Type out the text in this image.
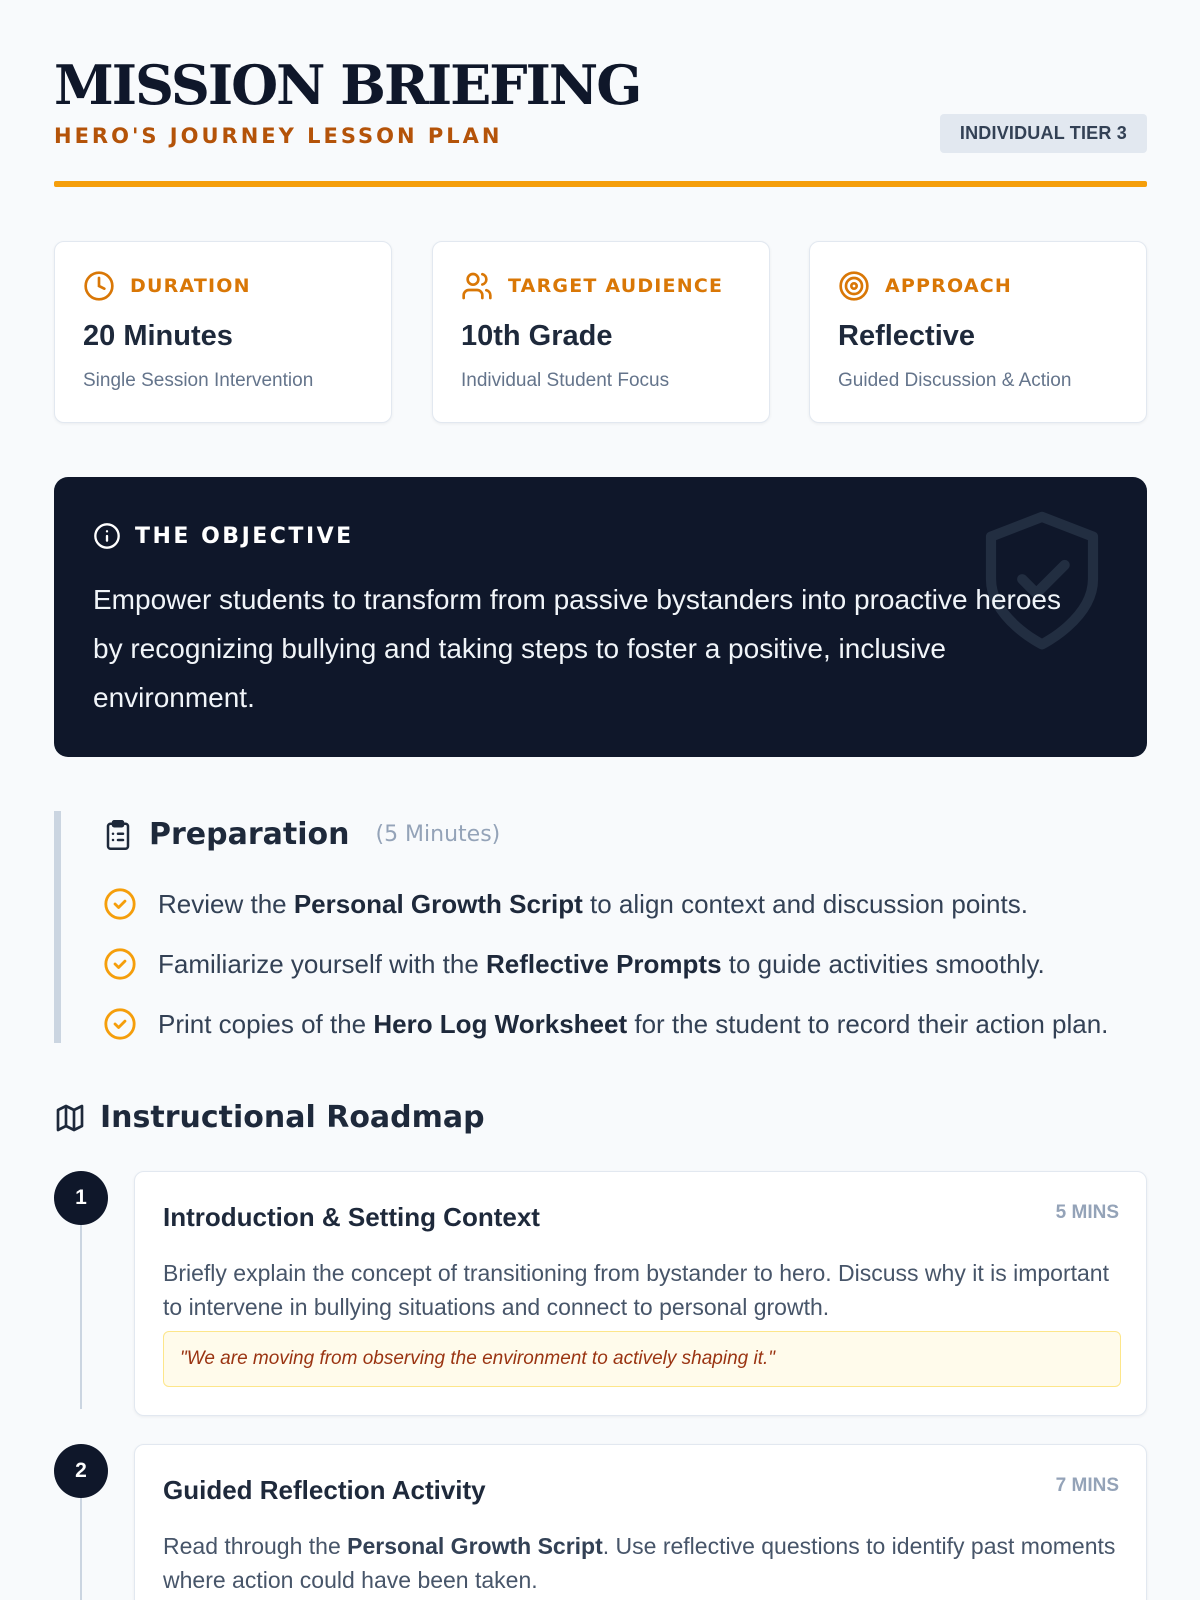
MISSION BRIEFING
HERO'S JOURNEY LESSON PLAN	INDIVIDUAL TIER 3
DURATION
20 Minutes
Single Session Intervention
TARGET AUDIENCE
10th Grade
Individual Student Focus
APPROACH
Reflective
Guided Discussion & Action
THE OBJECTIVE
Empower students to transform from passive bystanders into proactive heroes by recognizing bullying and taking steps to foster a positive, inclusive environment.
Preparation (5 Minutes)
Review the Personal Growth Script to align context and discussion points.
Familiarize yourself with the Reflective Prompts to guide activities smoothly.
Print copies of the Hero Log Worksheet for the student to record their action plan.
Instructional Roadmap
1
Introduction & Setting Context	5 MINS
Briefly explain the concept of transitioning from bystander to hero. Discuss why it is important to intervene in bullying situations and connect to personal growth.
"We are moving from observing the environment to actively shaping it."
2
Guided Reflection Activity	7 MINS
Read through the Personal Growth Script. Use reflective questions to identify past moments where action could have been taken.
